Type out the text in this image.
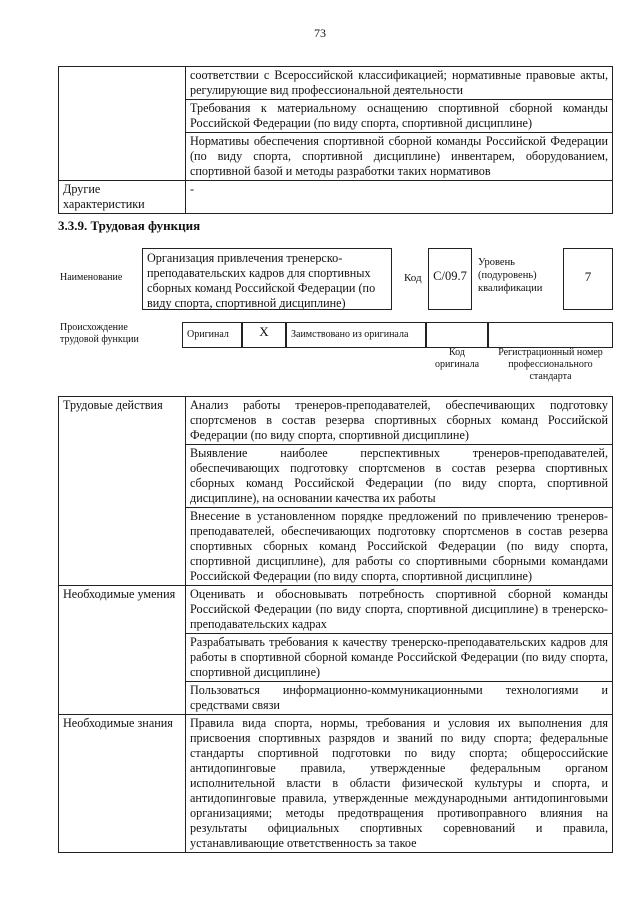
73
	соответствии с Всероссийской классификацией; нормативные правовые акты, регулирующие вид профессиональной деятельности
	Требования к материальному оснащению спортивной сборной команды Российской Федерации (по виду спорта, спортивной дисциплине)
	Нормативы обеспечения спортивной сборной команды Российской Федерации (по виду спорта, спортивной дисциплине) инвентарем, оборудованием, спортивной базой и методы разработки таких нормативов
Другие характеристики	-
3.3.9. Трудовая функция
Наименование
Организация привлечения тренерско-преподавательских кадров для спортивных сборных команд Российской Федерации (по виду спорта, спортивной дисциплине)
Код C/09.7
Уровень (подуровень) квалификации
7
Происхождение трудовой функции	Оригинал	X	Заимствовано из оригинала
Код оригинала
Регистрационный номер профессионального стандарта
Трудовые действия	Анализ работы тренеров-преподавателей, обеспечивающих подготовку спортсменов в состав резерва спортивных сборных команд Российской Федерации (по виду спорта, спортивной дисциплине)
	Выявление наиболее перспективных тренеров-преподавателей, обеспечивающих подготовку спортсменов в состав резерва спортивных сборных команд Российской Федерации (по виду спорта, спортивной дисциплине), на основании качества их работы
	Внесение в установленном порядке предложений по привлечению тренеров-преподавателей, обеспечивающих подготовку спортсменов в состав резерва спортивных сборных команд Российской Федерации (по виду спорта, спортивной дисциплине), для работы со спортивными сборными командами Российской Федерации (по виду спорта, спортивной дисциплине)
Необходимые умения	Оценивать и обосновывать потребность спортивной сборной команды Российской Федерации (по виду спорта, спортивной дисциплине) в тренерско-преподавательских кадрах
	Разрабатывать требования к качеству тренерско-преподавательских кадров для работы в спортивной сборной команде Российской Федерации (по виду спорта, спортивной дисциплине)
	Пользоваться информационно-коммуникационными технологиями и средствами связи
Необходимые знания	Правила вида спорта, нормы, требования и условия их выполнения для присвоения спортивных разрядов и званий по виду спорта; федеральные стандарты спортивной подготовки по виду спорта; общероссийские антидопинговые правила, утвержденные федеральным органом исполнительной власти в области физической культуры и спорта, и антидопинговые правила, утвержденные международными антидопинговыми организациями; методы предотвращения противоправного влияния на результаты официальных спортивных соревнований и правила, устанавливающие ответственность за такое
